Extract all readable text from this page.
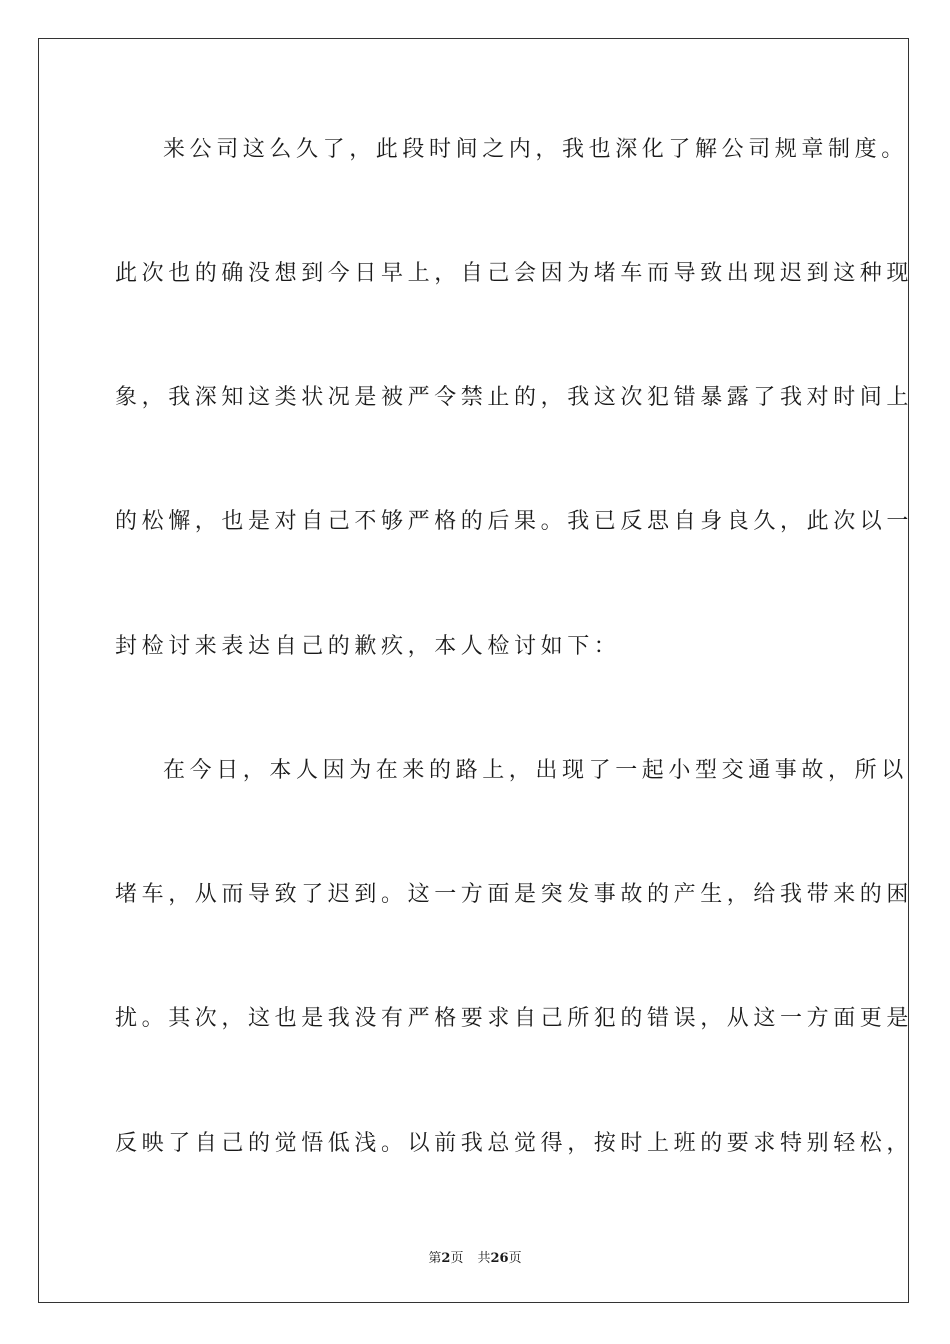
来公司这么久了，此段时间之内，我也深化了解公司规章制度。
此次也的确没想到今日早上，自己会因为堵车而导致出现迟到这种现
象，我深知这类状况是被严令禁止的，我这次犯错暴露了我对时间上
的松懈，也是对自己不够严格的后果。我已反思自身良久，此次以一
封检讨来表达自己的歉疚，本人检讨如下：
在今日，本人因为在来的路上，出现了一起小型交通事故，所以
堵车，从而导致了迟到。这一方面是突发事故的产生，给我带来的困
扰。其次，这也是我没有严格要求自己所犯的错误，从这一方面更是
反映了自己的觉悟低浅。以前我总觉得，按时上班的要求特别轻松，
第2页 共26页
